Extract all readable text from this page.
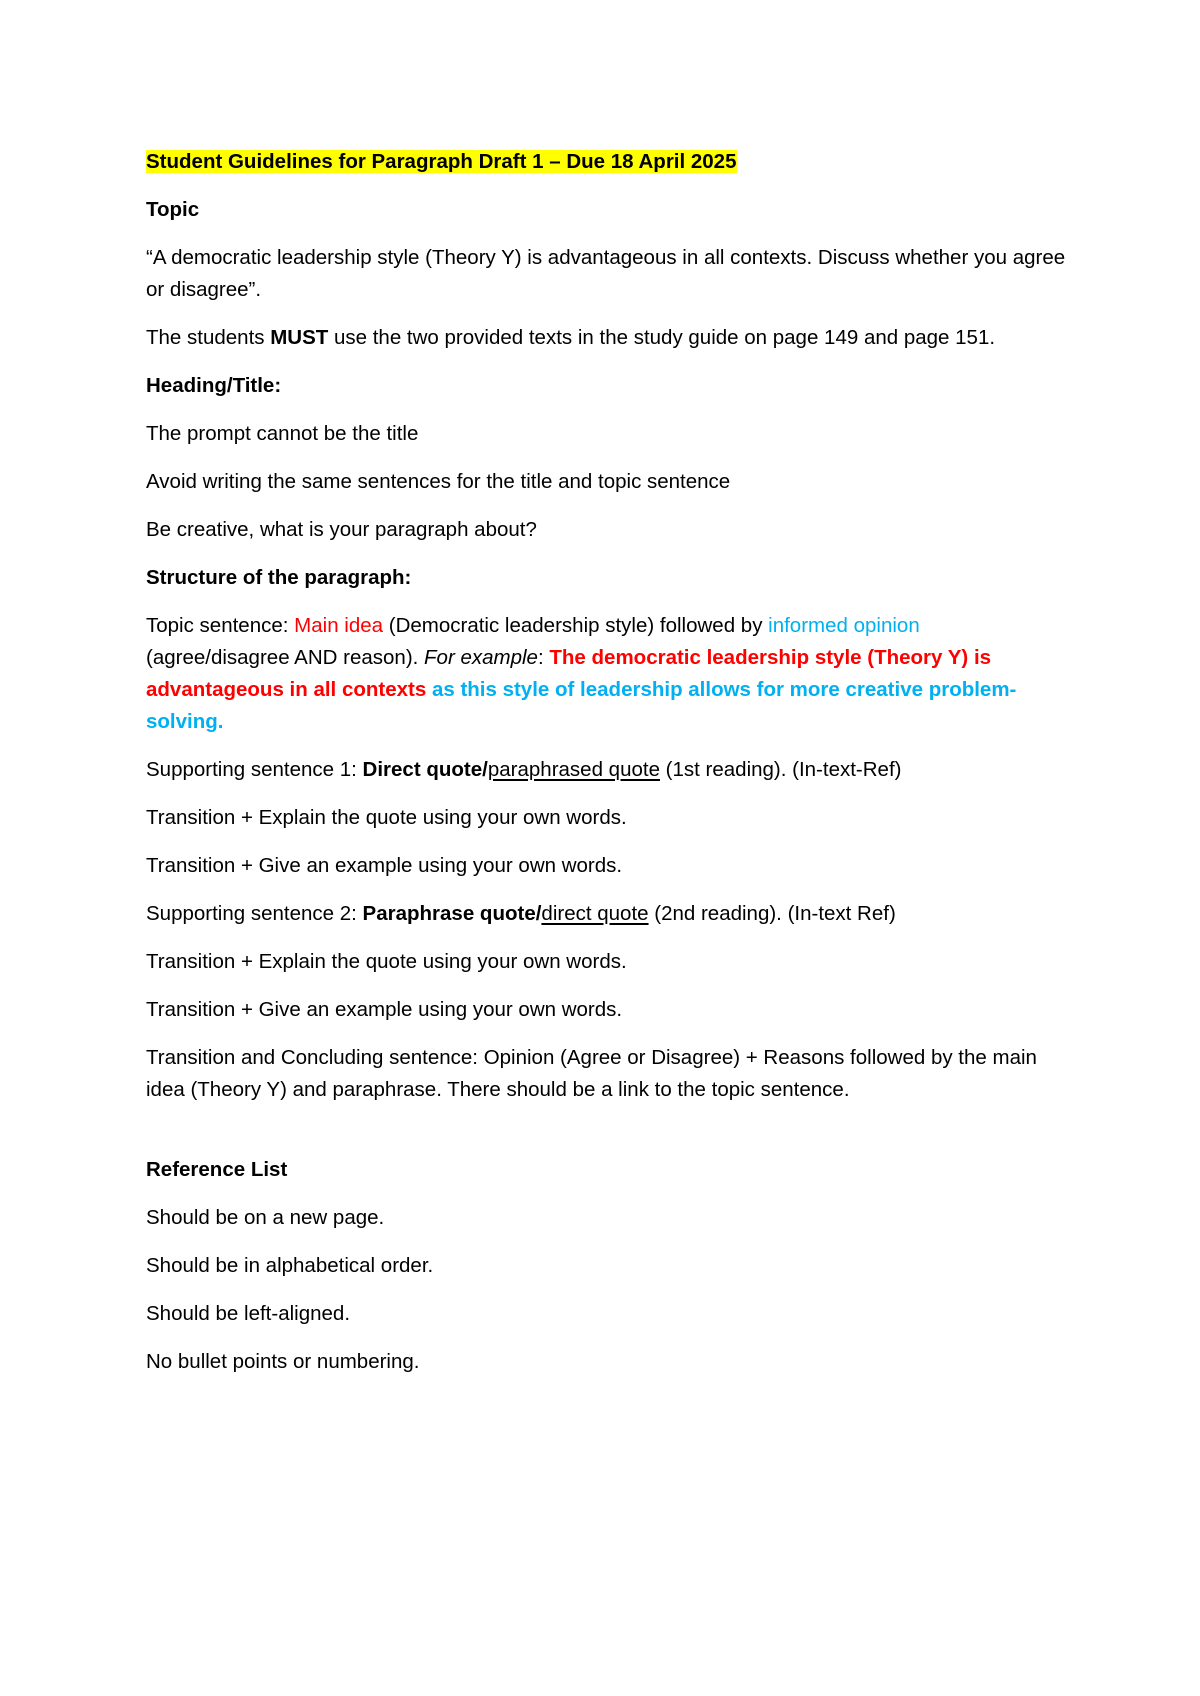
Student Guidelines for Paragraph Draft 1 – Due 18 April 2025

Topic

“A democratic leadership style (Theory Y) is advantageous in all contexts. Discuss whether you agree or disagree”.

The students MUST use the two provided texts in the study guide on page 149 and page 151.

Heading/Title:

The prompt cannot be the title

Avoid writing the same sentences for the title and topic sentence

Be creative, what is your paragraph about?

Structure of the paragraph:

Topic sentence: Main idea (Democratic leadership style) followed by informed opinion (agree/disagree AND reason). For example: The democratic leadership style (Theory Y) is advantageous in all contexts as this style of leadership allows for more creative problem-solving.

Supporting sentence 1: Direct quote/paraphrased quote (1st reading). (In-text-Ref)

Transition + Explain the quote using your own words.

Transition + Give an example using your own words.

Supporting sentence 2: Paraphrase quote/direct quote (2nd reading). (In-text Ref)

Transition + Explain the quote using your own words.

Transition + Give an example using your own words.

Transition and Concluding sentence: Opinion (Agree or Disagree) + Reasons followed by the main idea (Theory Y) and paraphrase. There should be a link to the topic sentence.

Reference List

Should be on a new page.

Should be in alphabetical order.

Should be left-aligned.

No bullet points or numbering.
